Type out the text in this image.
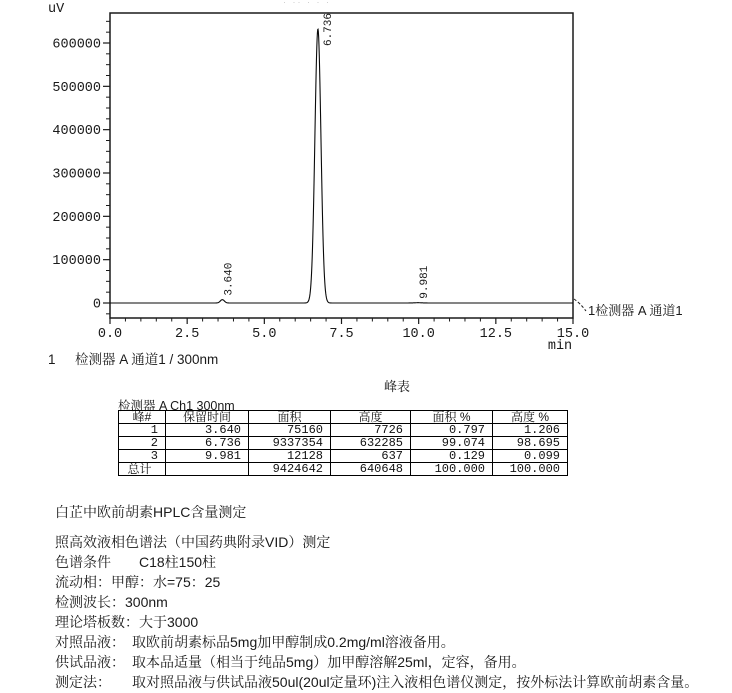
· ·· · · ·
0
100000
200000
300000
400000
500000
600000
0.0	2.5	5.0	7.5	10.0	12.5	15.0
uV
min
3.640
6.736
9.981
1检测器 A 通道1
1 检测器 A 通道1 / 300nm
峰表
检测器 A Ch1 300nm
峰#	保留时间	面积	高度	面积 %	高度 %
1	3.640	75160	7726	0.797	1.206
2	6.736	9337354	632285	99.074	98.695
3	9.981	12128	637	0.129	0.099
总计		9424642	640648	100.000	100.000
白芷中欧前胡素HPLC含量测定
照高效液相色谱法（中国药典附录VID）测定
色谱条件　　C18柱150柱
流动相：甲醇：水=75：25
检测波长：300nm
理论塔板数：大于3000
对照品液：　取欧前胡素标品5mg加甲醇制成0.2mg/ml溶液备用。
供试品液：　取本品适量（相当于纯品5mg）加甲醇溶解25ml，定容，备用。
测定法：　　取对照品液与供试品液50ul(20ul定量环)注入液相色谱仪测定，按外标法计算欧前胡素含量。
